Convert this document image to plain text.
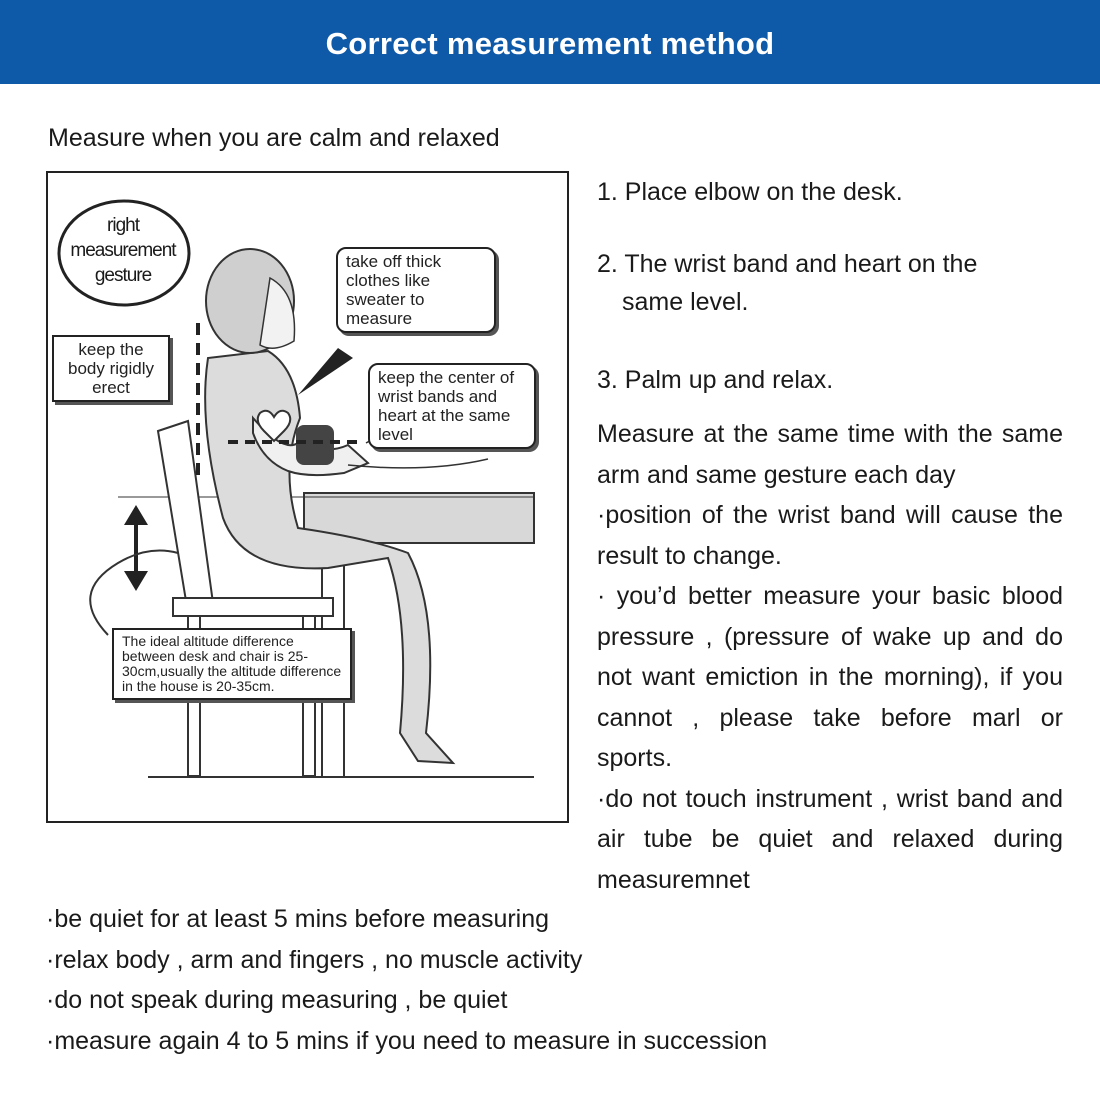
Correct measurement method
Measure when you are calm and relaxed
right
measurement
gesture
keep the body rigidly erect
take off thick clothes like sweater to measure
keep the center of wrist bands and heart at the same level
The ideal altitude difference between desk and chair is 25-30cm,usually the altitude difference in the house is 20-35cm.
1. Place elbow on the desk.
2. The wrist band and heart on the
same level.
3. Palm up and relax.

Measure at the same time with the same arm and same gesture each day

·position of the wrist band will cause the result to change.

· you’d better measure your basic blood pressure , (pressure of wake up and do not want emiction in the morning), if you cannot , please take before marl or sports.

·do not touch instrument , wrist band and air tube be quiet and relaxed during measuremnet

·be quiet for at least 5 mins before measuring

·relax body , arm and fingers , no muscle activity

·do not speak during measuring , be quiet

·measure again 4 to 5 mins if you need to measure in succession
